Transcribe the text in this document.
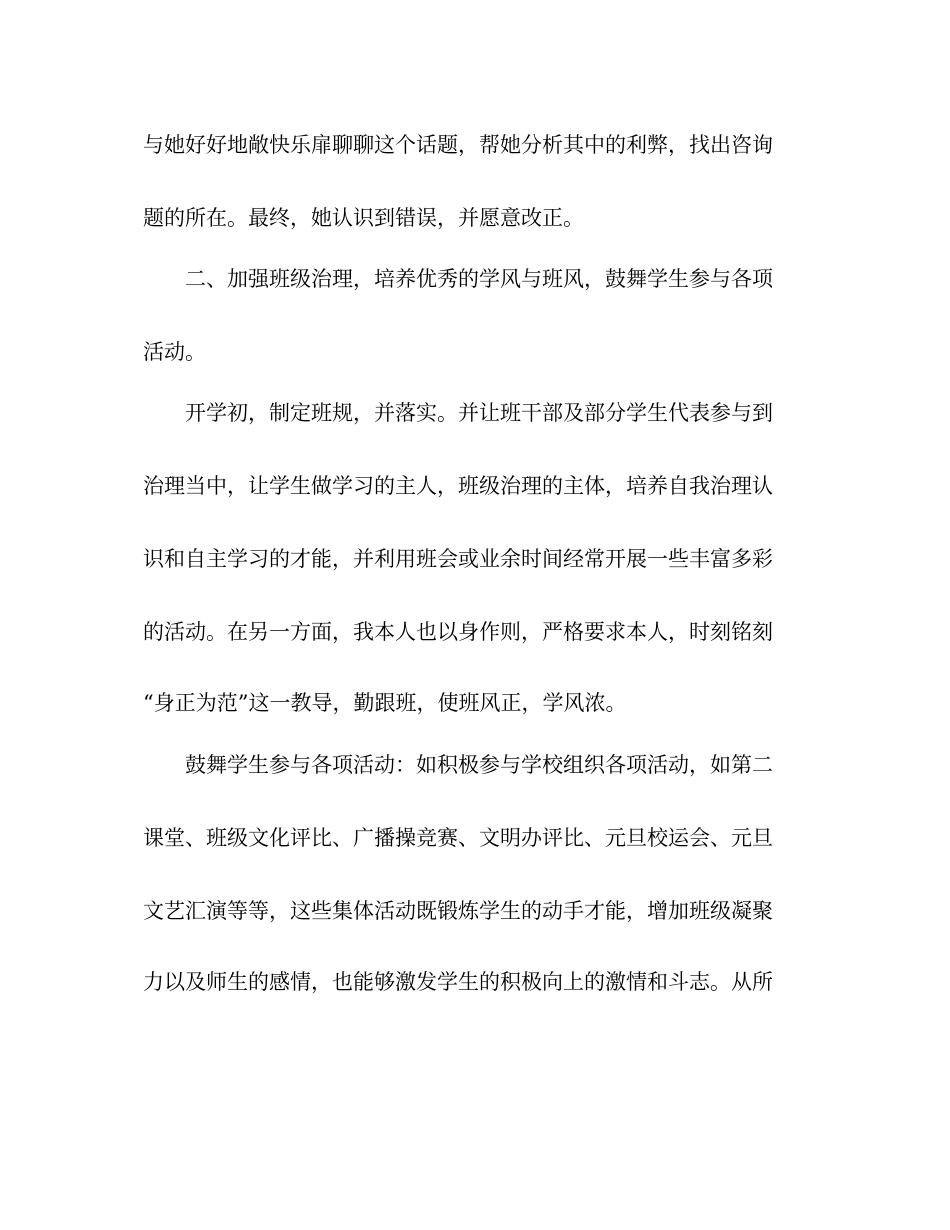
与她好好地敞快乐扉聊聊这个话题，帮她分析其中的利弊，找出咨询

题的所在。最终，她认识到错误，并愿意改正。

二、加强班级治理，培养优秀的学风与班风，鼓舞学生参与各项

活动。

开学初，制定班规，并落实。并让班干部及部分学生代表参与到

治理当中，让学生做学习的主人，班级治理的主体，培养自我治理认

识和自主学习的才能，并利用班会或业余时间经常开展一些丰富多彩

的活动。在另一方面，我本人也以身作则，严格要求本人，时刻铭刻

“身正为范”这一教导，勤跟班，使班风正，学风浓。

鼓舞学生参与各项活动：如积极参与学校组织各项活动，如第二

课堂、班级文化评比、广播操竞赛、文明办评比、元旦校运会、元旦

文艺汇演等等，这些集体活动既锻炼学生的动手才能，增加班级凝聚

力以及师生的感情，也能够激发学生的积极向上的激情和斗志。从所
